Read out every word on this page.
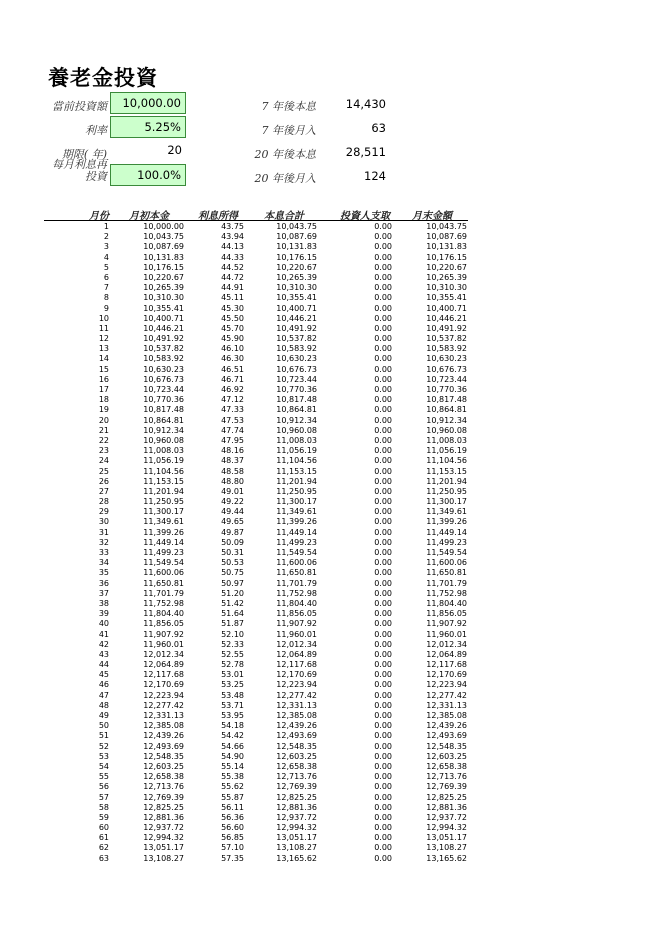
養老金投資
當前投資額	10,000.00
利率	5.25%
期限( 年)	20
每月利息再
投資	100.0%
7 年後本息	14,430
7 年後月入	63
20 年後本息	28,511
20 年後月入	124
月份	月初本金	利息所得	本息合計	投資人支取	月末金額
1	10,000.00	43.75	10,043.75	0.00	10,043.75
2	10,043.75	43.94	10,087.69	0.00	10,087.69
3	10,087.69	44.13	10,131.83	0.00	10,131.83
4	10,131.83	44.33	10,176.15	0.00	10,176.15
5	10,176.15	44.52	10,220.67	0.00	10,220.67
6	10,220.67	44.72	10,265.39	0.00	10,265.39
7	10,265.39	44.91	10,310.30	0.00	10,310.30
8	10,310.30	45.11	10,355.41	0.00	10,355.41
9	10,355.41	45.30	10,400.71	0.00	10,400.71
10	10,400.71	45.50	10,446.21	0.00	10,446.21
11	10,446.21	45.70	10,491.92	0.00	10,491.92
12	10,491.92	45.90	10,537.82	0.00	10,537.82
13	10,537.82	46.10	10,583.92	0.00	10,583.92
14	10,583.92	46.30	10,630.23	0.00	10,630.23
15	10,630.23	46.51	10,676.73	0.00	10,676.73
16	10,676.73	46.71	10,723.44	0.00	10,723.44
17	10,723.44	46.92	10,770.36	0.00	10,770.36
18	10,770.36	47.12	10,817.48	0.00	10,817.48
19	10,817.48	47.33	10,864.81	0.00	10,864.81
20	10,864.81	47.53	10,912.34	0.00	10,912.34
21	10,912.34	47.74	10,960.08	0.00	10,960.08
22	10,960.08	47.95	11,008.03	0.00	11,008.03
23	11,008.03	48.16	11,056.19	0.00	11,056.19
24	11,056.19	48.37	11,104.56	0.00	11,104.56
25	11,104.56	48.58	11,153.15	0.00	11,153.15
26	11,153.15	48.80	11,201.94	0.00	11,201.94
27	11,201.94	49.01	11,250.95	0.00	11,250.95
28	11,250.95	49.22	11,300.17	0.00	11,300.17
29	11,300.17	49.44	11,349.61	0.00	11,349.61
30	11,349.61	49.65	11,399.26	0.00	11,399.26
31	11,399.26	49.87	11,449.14	0.00	11,449.14
32	11,449.14	50.09	11,499.23	0.00	11,499.23
33	11,499.23	50.31	11,549.54	0.00	11,549.54
34	11,549.54	50.53	11,600.06	0.00	11,600.06
35	11,600.06	50.75	11,650.81	0.00	11,650.81
36	11,650.81	50.97	11,701.79	0.00	11,701.79
37	11,701.79	51.20	11,752.98	0.00	11,752.98
38	11,752.98	51.42	11,804.40	0.00	11,804.40
39	11,804.40	51.64	11,856.05	0.00	11,856.05
40	11,856.05	51.87	11,907.92	0.00	11,907.92
41	11,907.92	52.10	11,960.01	0.00	11,960.01
42	11,960.01	52.33	12,012.34	0.00	12,012.34
43	12,012.34	52.55	12,064.89	0.00	12,064.89
44	12,064.89	52.78	12,117.68	0.00	12,117.68
45	12,117.68	53.01	12,170.69	0.00	12,170.69
46	12,170.69	53.25	12,223.94	0.00	12,223.94
47	12,223.94	53.48	12,277.42	0.00	12,277.42
48	12,277.42	53.71	12,331.13	0.00	12,331.13
49	12,331.13	53.95	12,385.08	0.00	12,385.08
50	12,385.08	54.18	12,439.26	0.00	12,439.26
51	12,439.26	54.42	12,493.69	0.00	12,493.69
52	12,493.69	54.66	12,548.35	0.00	12,548.35
53	12,548.35	54.90	12,603.25	0.00	12,603.25
54	12,603.25	55.14	12,658.38	0.00	12,658.38
55	12,658.38	55.38	12,713.76	0.00	12,713.76
56	12,713.76	55.62	12,769.39	0.00	12,769.39
57	12,769.39	55.87	12,825.25	0.00	12,825.25
58	12,825.25	56.11	12,881.36	0.00	12,881.36
59	12,881.36	56.36	12,937.72	0.00	12,937.72
60	12,937.72	56.60	12,994.32	0.00	12,994.32
61	12,994.32	56.85	13,051.17	0.00	13,051.17
62	13,051.17	57.10	13,108.27	0.00	13,108.27
63	13,108.27	57.35	13,165.62	0.00	13,165.62
